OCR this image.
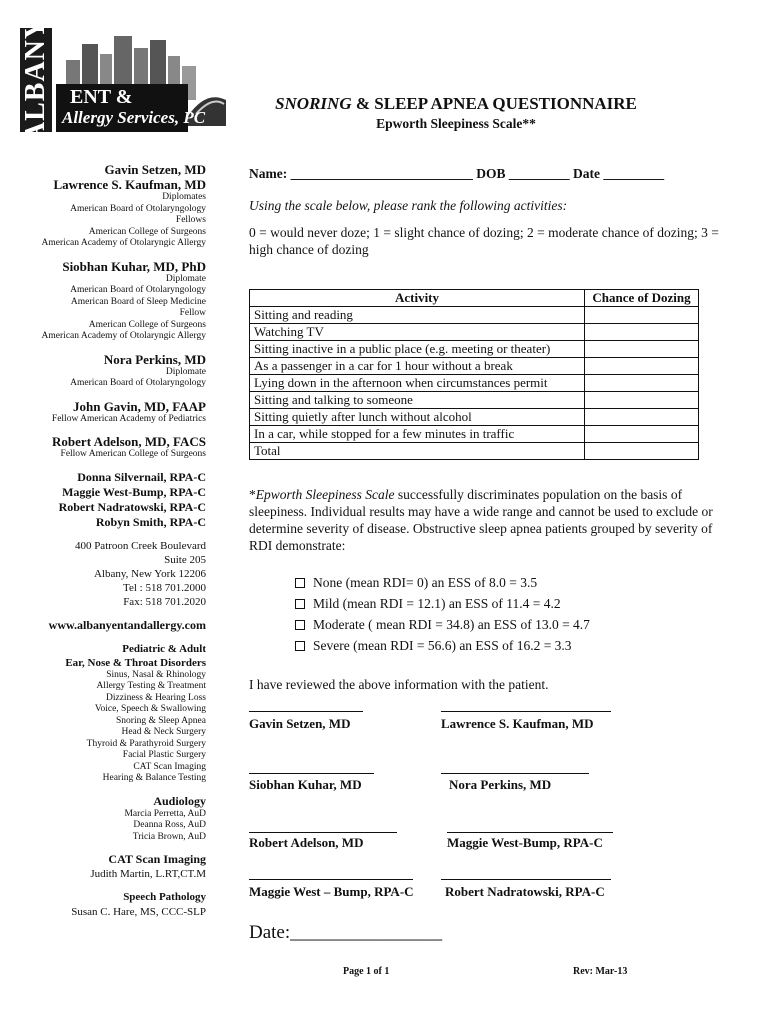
ALBANY ENT &
Allergy Services, PC
SNORING & SLEEP APNEA QUESTIONNAIRE
Epworth Sleepiness Scale**
Gavin Setzen, MD
Lawrence S. Kaufman, MD
Diplomates
American Board of Otolaryngology
Fellows
American College of Surgeons
American Academy of Otolaryngic Allergy
Siobhan Kuhar, MD, PhD
Diplomate
American Board of Otolaryngology
American Board of Sleep Medicine
Fellow
American College of Surgeons
American Academy of Otolaryngic Allergy
Nora Perkins, MD
Diplomate
American Board of Otolaryngology
John Gavin, MD, FAAP
Fellow American Academy of Pediatrics
Robert Adelson, MD, FACS
Fellow American College of Surgeons
Donna Silvernail, RPA-C
Maggie West-Bump, RPA-C
Robert Nadratowski, RPA-C
Robyn Smith, RPA-C
400 Patroon Creek Boulevard
Suite 205
Albany, New York 12206
Tel : 518 701.2000
Fax: 518 701.2020
www.albanyentandallergy.com
Pediatric & Adult
Ear, Nose & Throat Disorders
Sinus, Nasal & Rhinology
Allergy Testing & Treatment
Dizziness & Hearing Loss
Voice, Speech & Swallowing
Snoring & Sleep Apnea
Head & Neck Surgery
Thyroid & Parathyroid Surgery
Facial Plastic Surgery
CAT Scan Imaging
Hearing & Balance Testing
Audiology
Marcia Perretta, AuD
Deanna Ross, AuD
Tricia Brown, AuD
CAT Scan Imaging
Judith Martin, L.RT,CT.M
Speech Pathology
Susan C. Hare, MS, CCC-SLP
Name: ___________________________ DOB _________ Date _________
Using the scale below, please rank the following activities:
0 = would never doze; 1 = slight chance of dozing; 2 = moderate chance of dozing; 3 = high chance of dozing
Activity	Chance of Dozing
Sitting and reading	
Watching TV	
Sitting inactive in a public place (e.g. meeting or theater)	
As a passenger in a car for 1 hour without a break	
Lying down in the afternoon when circumstances permit	
Sitting and talking to someone	
Sitting quietly after lunch without alcohol	
In a car, while stopped for a few minutes in traffic	
Total	
*Epworth Sleepiness Scale successfully discriminates population on the basis of sleepiness. Individual results may have a wide range and cannot be used to exclude or determine severity of disease. Obstructive sleep apnea patients grouped by severity of RDI demonstrate:
None (mean RDI= 0) an ESS of 8.0 = 3.5
Mild (mean RDI = 12.1) an ESS of 11.4 = 4.2
Moderate ( mean RDI = 34.8) an ESS of 13.0 = 4.7
Severe (mean RDI = 56.6) an ESS of 16.2 = 3.3
I have reviewed the above information with the patient.
Gavin Setzen, MD	Lawrence S. Kaufman, MD
Siobhan Kuhar, MD	Nora Perkins, MD
Robert Adelson, MD	Maggie West-Bump, RPA-C
Maggie West – Bump, RPA-C Robert Nadratowski, RPA-C
Date:________________
Page 1 of 1	Rev: Mar-13
